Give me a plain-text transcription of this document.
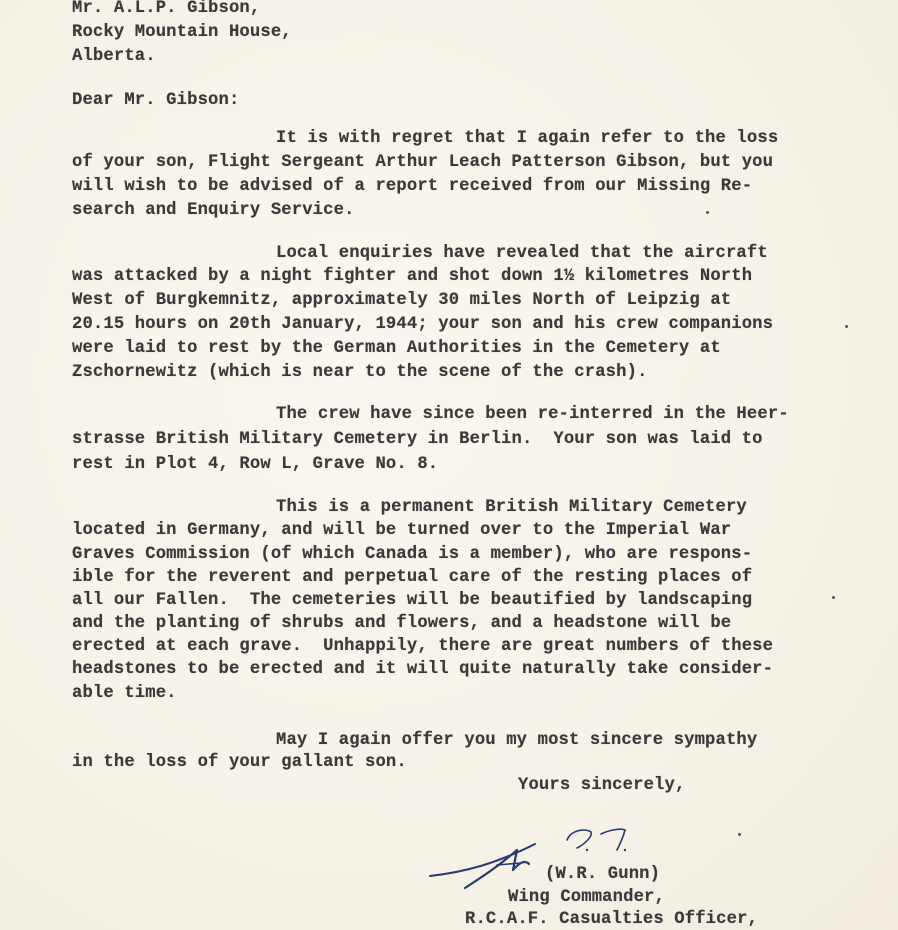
Mr. A.L.P. Gibson,
Rocky Mountain House,
Alberta.
Dear Mr. Gibson:
It is with regret that I again refer to the loss
of your son, Flight Sergeant Arthur Leach Patterson Gibson, but you
will wish to be advised of a report received from our Missing Re-
search and Enquiry Service.
Local enquiries have revealed that the aircraft
was attacked by a night fighter and shot down 1½ kilometres North
West of Burgkemnitz, approximately 30 miles North of Leipzig at
20.15 hours on 20th January, 1944; your son and his crew companions
were laid to rest by the German Authorities in the Cemetery at
Zschornewitz (which is near to the scene of the crash).
The crew have since been re-interred in the Heer-
strasse British Military Cemetery in Berlin.  Your son was laid to
rest in Plot 4, Row L, Grave No. 8.
This is a permanent British Military Cemetery
located in Germany, and will be turned over to the Imperial War
Graves Commission (of which Canada is a member), who are respons-
ible for the reverent and perpetual care of the resting places of
all our Fallen.  The cemeteries will be beautified by landscaping
and the planting of shrubs and flowers, and a headstone will be
erected at each grave.  Unhappily, there are great numbers of these
headstones to be erected and it will quite naturally take consider-
able time.
May I again offer you my most sincere sympathy
in the loss of your gallant son.
Yours sincerely,
(W.R. Gunn)
Wing Commander,
R.C.A.F. Casualties Officer,
